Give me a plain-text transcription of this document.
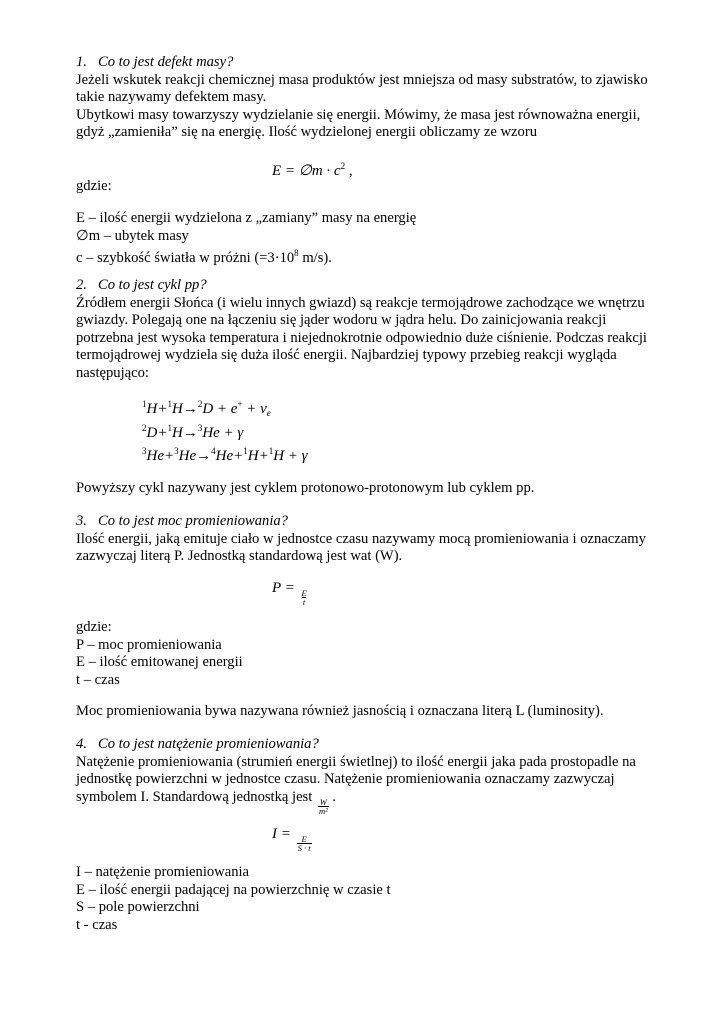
1. Co to jest defekt masy?

Jeżeli wskutek reakcji chemicznej masa produktów jest mniejsza od masy substratów, to zjawisko

takie nazywamy defektem masy.

Ubytkowi masy towarzyszy wydzielanie się energii. Mówimy, że masa jest równoważna energii,

gdyż „zamieniła” się na energię. Ilość wydzielonej energii obliczamy ze wzoru

E = ∅m · $c^2$ ,
gdzie:

E – ilość energii wydzielona z „zamiany” masy na energię

∅m – ubytek masy

c – szybkość światła w próżni ($=3\cdot 10^8$ m/s).

2. Co to jest cykl pp?

Źródłem energii Słońca (i wielu innych gwiazd) są reakcje termojądrowe zachodzące we wnętrzu

gwiazdy. Polegają one na łączeniu się jąder wodoru w jądra helu. Do zainicjowania reakcji

potrzebna jest wysoka temperatura i niejednokrotnie odpowiednio duże ciśnienie. Podczas reakcji

termojądrowej wydziela się duża ilość energii. Najbardziej typowy przebieg reakcji wygląda

następująco:

$^1H+^1H\to^2D + e^+ + \nu_e$
$^2$D+$^1$H→$^3$He + γ
$^3$He+$^3$He→$^4$He+$^1$H+$^1$H + γ
Powyższy cykl nazywany jest cyklem protonowo-protonowym lub cyklem pp.

3. Co to jest moc promieniowania?

Ilość energii, jaką emituje ciało w jednostce czasu nazywamy mocą promieniowania i oznaczamy

zazwyczaj literą P. Jednostką standardową jest wat (W).

P =
$\frac{E}{t}$

gdzie:

P – moc promieniowania

E – ilość emitowanej energii

t – czas

Moc promieniowania bywa nazywana również jasnością i oznaczana literą L (luminosity).

4. Co to jest natężenie promieniowania?

Natężenie promieniowania (strumień energii świetlnej) to ilość energii jaka pada prostopadle na

jednostkę powierzchni w jednostce czasu. Natężenie promieniowania oznaczamy zazwyczaj

symbolem I. Standardową jednostką jest
$\frac{W}{\text{m²}}$
.

I =
$\frac{E}{S \cdot t}$

I – natężenie promieniowania

E – ilość energii padającej na powierzchnię w czasie t

S – pole powierzchni

t - czas
